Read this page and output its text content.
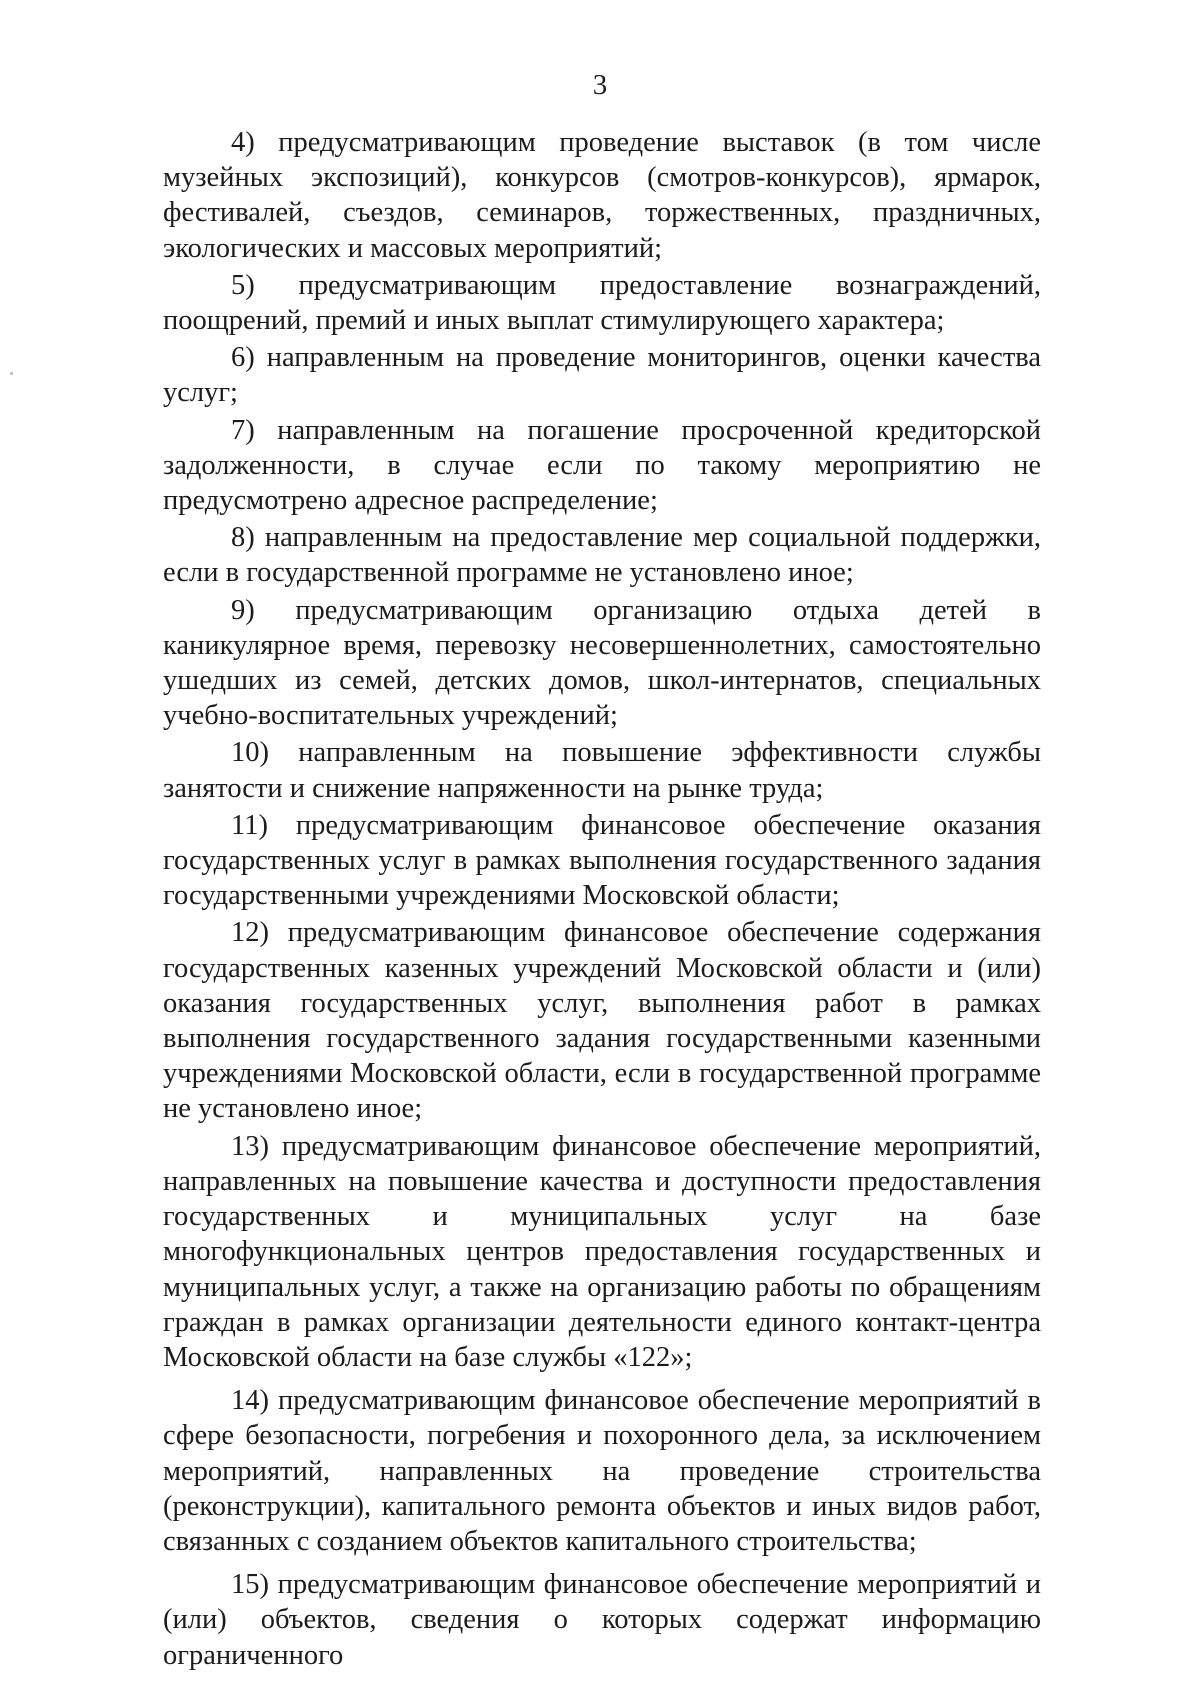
3

4) предусматривающим проведение выставок (в том числе музейных экспозиций), конкурсов (смотров-конкурсов), ярмарок, фестивалей, съездов, семинаров, торжественных, праздничных, экологических и массовых мероприятий;

5) предусматривающим предоставление вознаграждений, поощрений, премий и иных выплат стимулирующего характера;

6) направленным на проведение мониторингов, оценки качества услуг;

7) направленным на погашение просроченной кредиторской задолженности, в случае если по такому мероприятию не предусмотрено адресное распределение;

8) направленным на предоставление мер социальной поддержки, если в государственной программе не установлено иное;

9) предусматривающим организацию отдыха детей в каникулярное время, перевозку несовершеннолетних, самостоятельно ушедших из семей, детских домов, школ-интернатов, специальных учебно-воспитательных учреждений;

10) направленным на повышение эффективности службы занятости и снижение напряженности на рынке труда;

11) предусматривающим финансовое обеспечение оказания государственных услуг в рамках выполнения государственного задания государственными учреждениями Московской области;

12) предусматривающим финансовое обеспечение содержания государственных казенных учреждений Московской области и (или) оказания государственных услуг, выполнения работ в рамках выполнения государственного задания государственными казенными учреждениями Московской области, если в государственной программе не установлено иное;

13) предусматривающим финансовое обеспечение мероприятий, направленных на повышение качества и доступности предоставления государственных и муниципальных услуг на базе многофункциональных центров предоставления государственных и муниципальных услуг, а также на организацию работы по обращениям граждан в рамках организации деятельности единого контакт-центра Московской области на базе службы «122»;

14) предусматривающим финансовое обеспечение мероприятий в сфере безопасности, погребения и похоронного дела, за исключением мероприятий, направленных на проведение строительства (реконструкции), капитального ремонта объектов и иных видов работ, связанных с созданием объектов капитального строительства;

15) предусматривающим финансовое обеспечение мероприятий и (или) объектов, сведения о которых содержат информацию ограниченного
